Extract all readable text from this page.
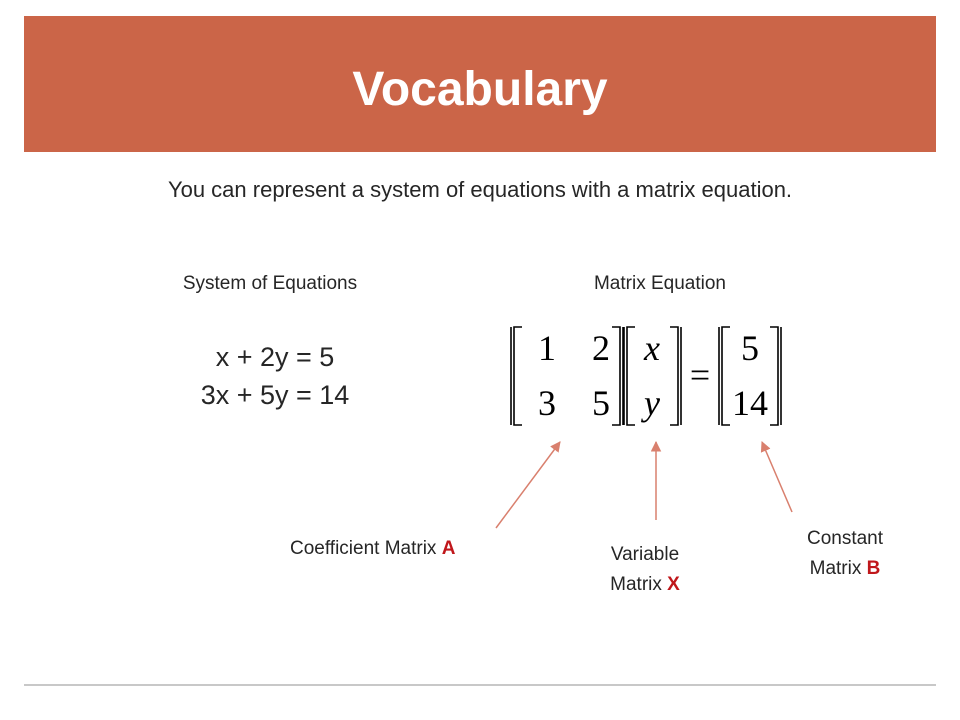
Vocabulary
You can represent a system of equations with a matrix equation.
System of Equations	Matrix Equation
x + 2y = 5
3x + 5y = 14
1 2
3 5
x
y
=
5
14
Coefficient Matrix A	Variable
Matrix X
Constant
Matrix B
